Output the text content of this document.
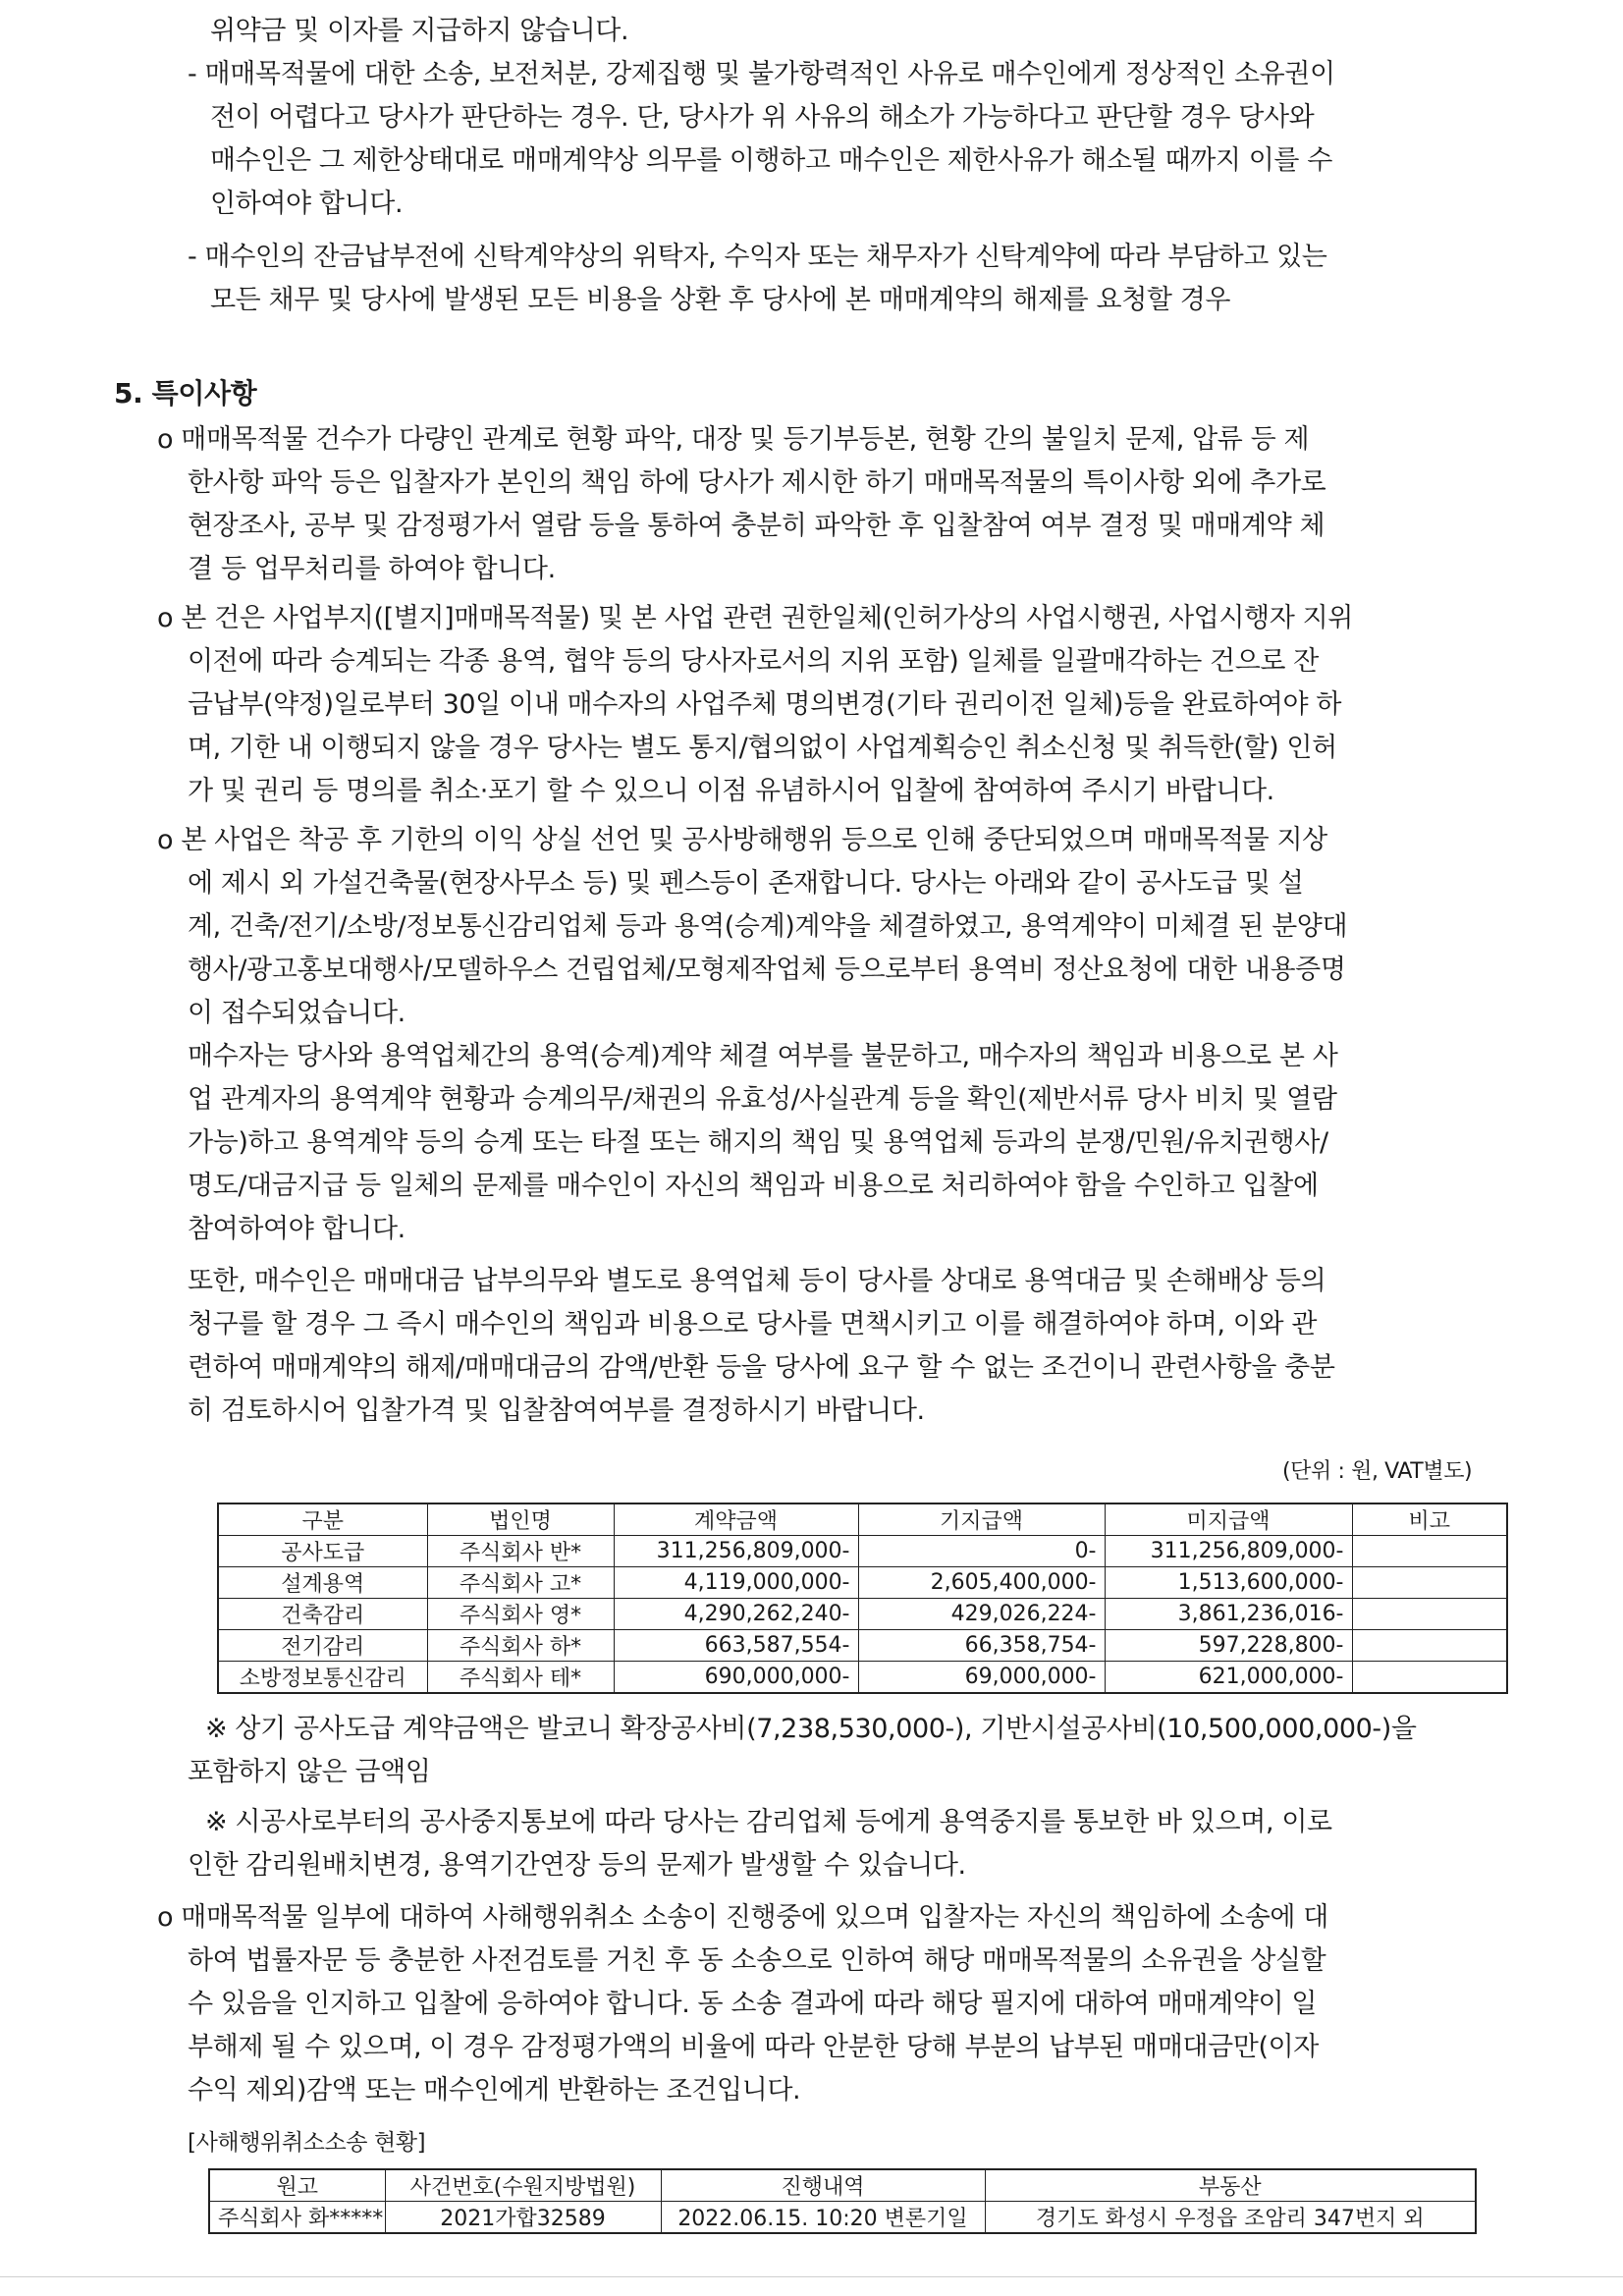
위약금 및 이자를 지급하지 않습니다.
- 매매목적물에 대한 소송, 보전처분, 강제집행 및 불가항력적인 사유로 매수인에게 정상적인 소유권이
전이 어렵다고 당사가 판단하는 경우. 단, 당사가 위 사유의 해소가 가능하다고 판단할 경우 당사와
매수인은 그 제한상태대로 매매계약상 의무를 이행하고 매수인은 제한사유가 해소될 때까지 이를 수
인하여야 합니다.
- 매수인의 잔금납부전에 신탁계약상의 위탁자, 수익자 또는 채무자가 신탁계약에 따라 부담하고 있는
모든 채무 및 당사에 발생된 모든 비용을 상환 후 당사에 본 매매계약의 해제를 요청할 경우
5. 특이사항
o 매매목적물 건수가 다량인 관계로 현황 파악, 대장 및 등기부등본, 현황 간의 불일치 문제, 압류 등 제
한사항 파악 등은 입찰자가 본인의 책임 하에 당사가 제시한 하기 매매목적물의 특이사항 외에 추가로
현장조사, 공부 및 감정평가서 열람 등을 통하여 충분히 파악한 후 입찰참여 여부 결정 및 매매계약 체
결 등 업무처리를 하여야 합니다.
o 본 건은 사업부지([별지]매매목적물) 및 본 사업 관련 권한일체(인허가상의 사업시행권, 사업시행자 지위
이전에 따라 승계되는 각종 용역, 협약 등의 당사자로서의 지위 포함) 일체를 일괄매각하는 건으로 잔
금납부(약정)일로부터 30일 이내 매수자의 사업주체 명의변경(기타 권리이전 일체)등을 완료하여야 하
며, 기한 내 이행되지 않을 경우 당사는 별도 통지/협의없이 사업계획승인 취소신청 및 취득한(할) 인허
가 및 권리 등 명의를 취소·포기 할 수 있으니 이점 유념하시어 입찰에 참여하여 주시기 바랍니다.
o 본 사업은 착공 후 기한의 이익 상실 선언 및 공사방해행위 등으로 인해 중단되었으며 매매목적물 지상
에 제시 외 가설건축물(현장사무소 등) 및 펜스등이 존재합니다. 당사는 아래와 같이 공사도급 및 설
계, 건축/전기/소방/정보통신감리업체 등과 용역(승계)계약을 체결하였고, 용역계약이 미체결 된 분양대
행사/광고홍보대행사/모델하우스 건립업체/모형제작업체 등으로부터 용역비 정산요청에 대한 내용증명
이 접수되었습니다.
매수자는 당사와 용역업체간의 용역(승계)계약 체결 여부를 불문하고, 매수자의 책임과 비용으로 본 사
업 관계자의 용역계약 현황과 승계의무/채권의 유효성/사실관계 등을 확인(제반서류 당사 비치 및 열람
가능)하고 용역계약 등의 승계 또는 타절 또는 해지의 책임 및 용역업체 등과의 분쟁/민원/유치권행사/
명도/대금지급 등 일체의 문제를 매수인이 자신의 책임과 비용으로 처리하여야 함을 수인하고 입찰에
참여하여야 합니다.
또한, 매수인은 매매대금 납부의무와 별도로 용역업체 등이 당사를 상대로 용역대금 및 손해배상 등의
청구를 할 경우 그 즉시 매수인의 책임과 비용으로 당사를 면책시키고 이를 해결하여야 하며, 이와 관
련하여 매매계약의 해제/매매대금의 감액/반환 등을 당사에 요구 할 수 없는 조건이니 관련사항을 충분
히 검토하시어 입찰가격 및 입찰참여여부를 결정하시기 바랍니다.
(단위 : 원, VAT별도)
구분	법인명	계약금액	기지급액	미지급액	비고
공사도급	주식회사 반*	311,256,809,000-	0-	311,256,809,000-	
설계용역	주식회사 고*	4,119,000,000-	2,605,400,000-	1,513,600,000-	
건축감리	주식회사 영*	4,290,262,240-	429,026,224-	3,861,236,016-	
전기감리	주식회사 하*	663,587,554-	66,358,754-	597,228,800-	
소방정보통신감리	주식회사 테*	690,000,000-	69,000,000-	621,000,000-	
※ 상기 공사도급 계약금액은 발코니 확장공사비(7,238,530,000-), 기반시설공사비(10,500,000,000-)을
포함하지 않은 금액임
※ 시공사로부터의 공사중지통보에 따라 당사는 감리업체 등에게 용역중지를 통보한 바 있으며, 이로
인한 감리원배치변경, 용역기간연장 등의 문제가 발생할 수 있습니다.
o 매매목적물 일부에 대하여 사해행위취소 소송이 진행중에 있으며 입찰자는 자신의 책임하에 소송에 대
하여 법률자문 등 충분한 사전검토를 거친 후 동 소송으로 인하여 해당 매매목적물의 소유권을 상실할
수 있음을 인지하고 입찰에 응하여야 합니다. 동 소송 결과에 따라 해당 필지에 대하여 매매계약이 일
부해제 될 수 있으며, 이 경우 감정평가액의 비율에 따라 안분한 당해 부분의 납부된 매매대금만(이자
수익 제외)감액 또는 매수인에게 반환하는 조건입니다.
[사해행위취소소송 현황]
원고	사건번호(수원지방법원)	진행내역	부동산
주식회사 화*****	2021가합32589	2022.06.15. 10:20 변론기일	경기도 화성시 우정읍 조암리 347번지 외
